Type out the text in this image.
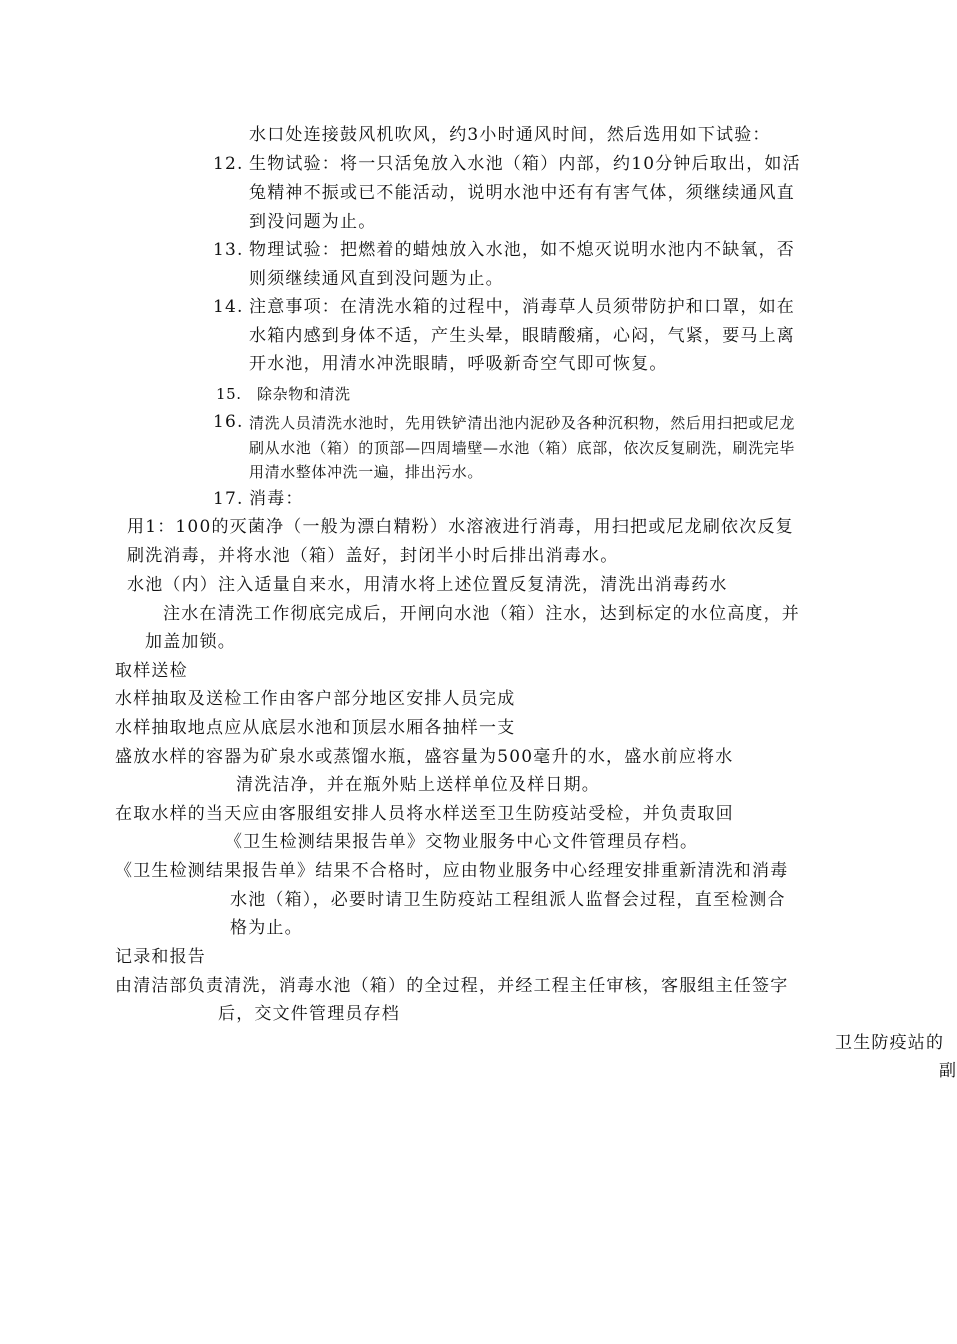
水口处连接鼓风机吹风，约3小时通风时间，然后选用如下试验：
12. 生物试验：将一只活兔放入水池（箱）内部，约10分钟后取出，如活
兔精神不振或已不能活动，说明水池中还有有害气体，须继续通风直
到没问题为止。
13. 物理试验：把燃着的蜡烛放入水池，如不熄灭说明水池内不缺氧，否
则须继续通风直到没问题为止。
14. 注意事项：在清洗水箱的过程中，消毒草人员须带防护和口罩，如在
水箱内感到身体不适，产生头晕，眼睛酸痛，心闷，气紧，要马上离
开水池，用清水冲洗眼睛，呼吸新奇空气即可恢复。
15. 除杂物和清洗
16. 清洗人员清洗水池时，先用铁铲清出池内泥砂及各种沉积物，然后用扫把或尼龙
刷从水池（箱）的顶部—四周墙壁—水池（箱）底部，依次反复刷洗，刷洗完毕
用清水整体冲洗一遍，排出污水。
17. 消毒：
用1：100的灭菌净（一般为漂白精粉）水溶液进行消毒，用扫把或尼龙刷依次反复
刷洗消毒，并将水池（箱）盖好，封闭半小时后排出消毒水。
水池（内）注入适量自来水，用清水将上述位置反复清洗，清洗出消毒药水
注水在清洗工作彻底完成后，开闸向水池（箱）注水，达到标定的水位高度，并
加盖加锁。
取样送检
水样抽取及送检工作由客户部分地区安排人员完成
水样抽取地点应从底层水池和顶层水厢各抽样一支
盛放水样的容器为矿泉水或蒸馏水瓶，盛容量为500毫升的水，盛水前应将水
清洗洁净，并在瓶外贴上送样单位及样日期。
在取水样的当天应由客服组安排人员将水样送至卫生防疫站受检，并负责取回
《卫生检测结果报告单》交物业服务中心文件管理员存档。
《卫生检测结果报告单》结果不合格时，应由物业服务中心经理安排重新清洗和消毒
水池（箱），必要时请卫生防疫站工程组派人监督会过程，直至检测合
格为止。
记录和报告
由清洁部负责清洗，消毒水池（箱）的全过程，并经工程主任审核，客服组主任签字
后，交文件管理员存档
卫生防疫站的
副
